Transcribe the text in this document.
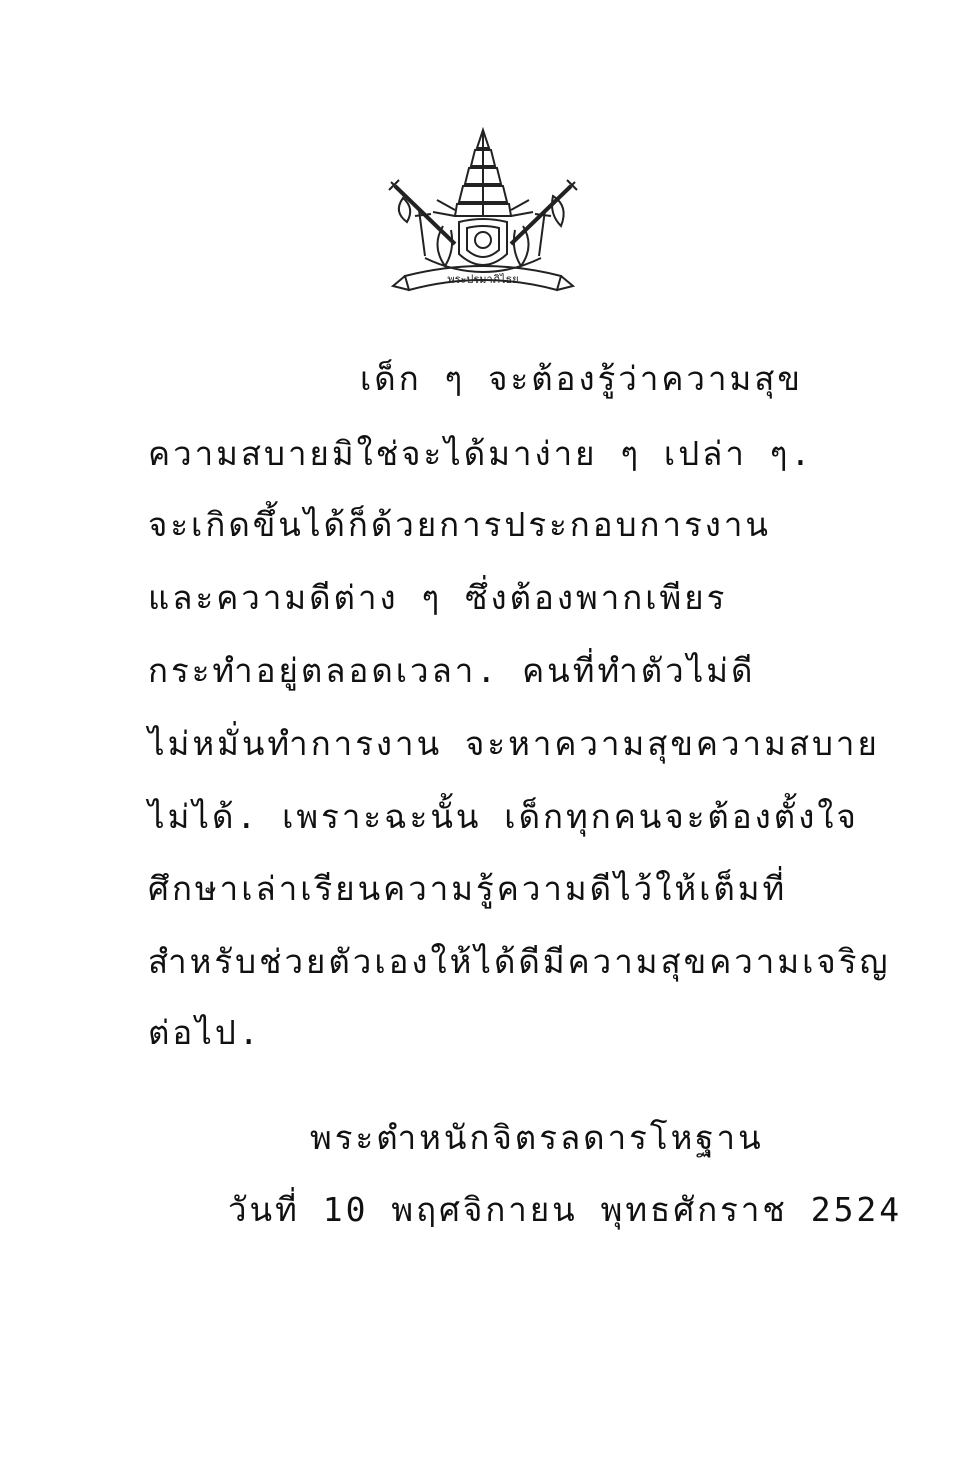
พระปรมาภิไธย
เด็ก ๆ จะต้องรู้ว่าความสุข
ความสบายมิใช่จะได้มาง่าย ๆ เปล่า ๆ.
จะเกิดขึ้นได้ก็ด้วยการประกอบการงาน
และความดีต่าง ๆ ซึ่งต้องพากเพียร
กระทำอยู่ตลอดเวลา. คนที่ทำตัวไม่ดี
ไม่หมั่นทำการงาน จะหาความสุขความสบาย
ไม่ได้. เพราะฉะนั้น เด็กทุกคนจะต้องตั้งใจ
ศึกษาเล่าเรียนความรู้ความดีไว้ให้เต็มที่
สำหรับช่วยตัวเองให้ได้ดีมีความสุขความเจริญ
ต่อไป.
พระตำหนักจิตรลดารโหฐาน
วันที่ 10 พฤศจิกายน พุทธศักราช 2524
